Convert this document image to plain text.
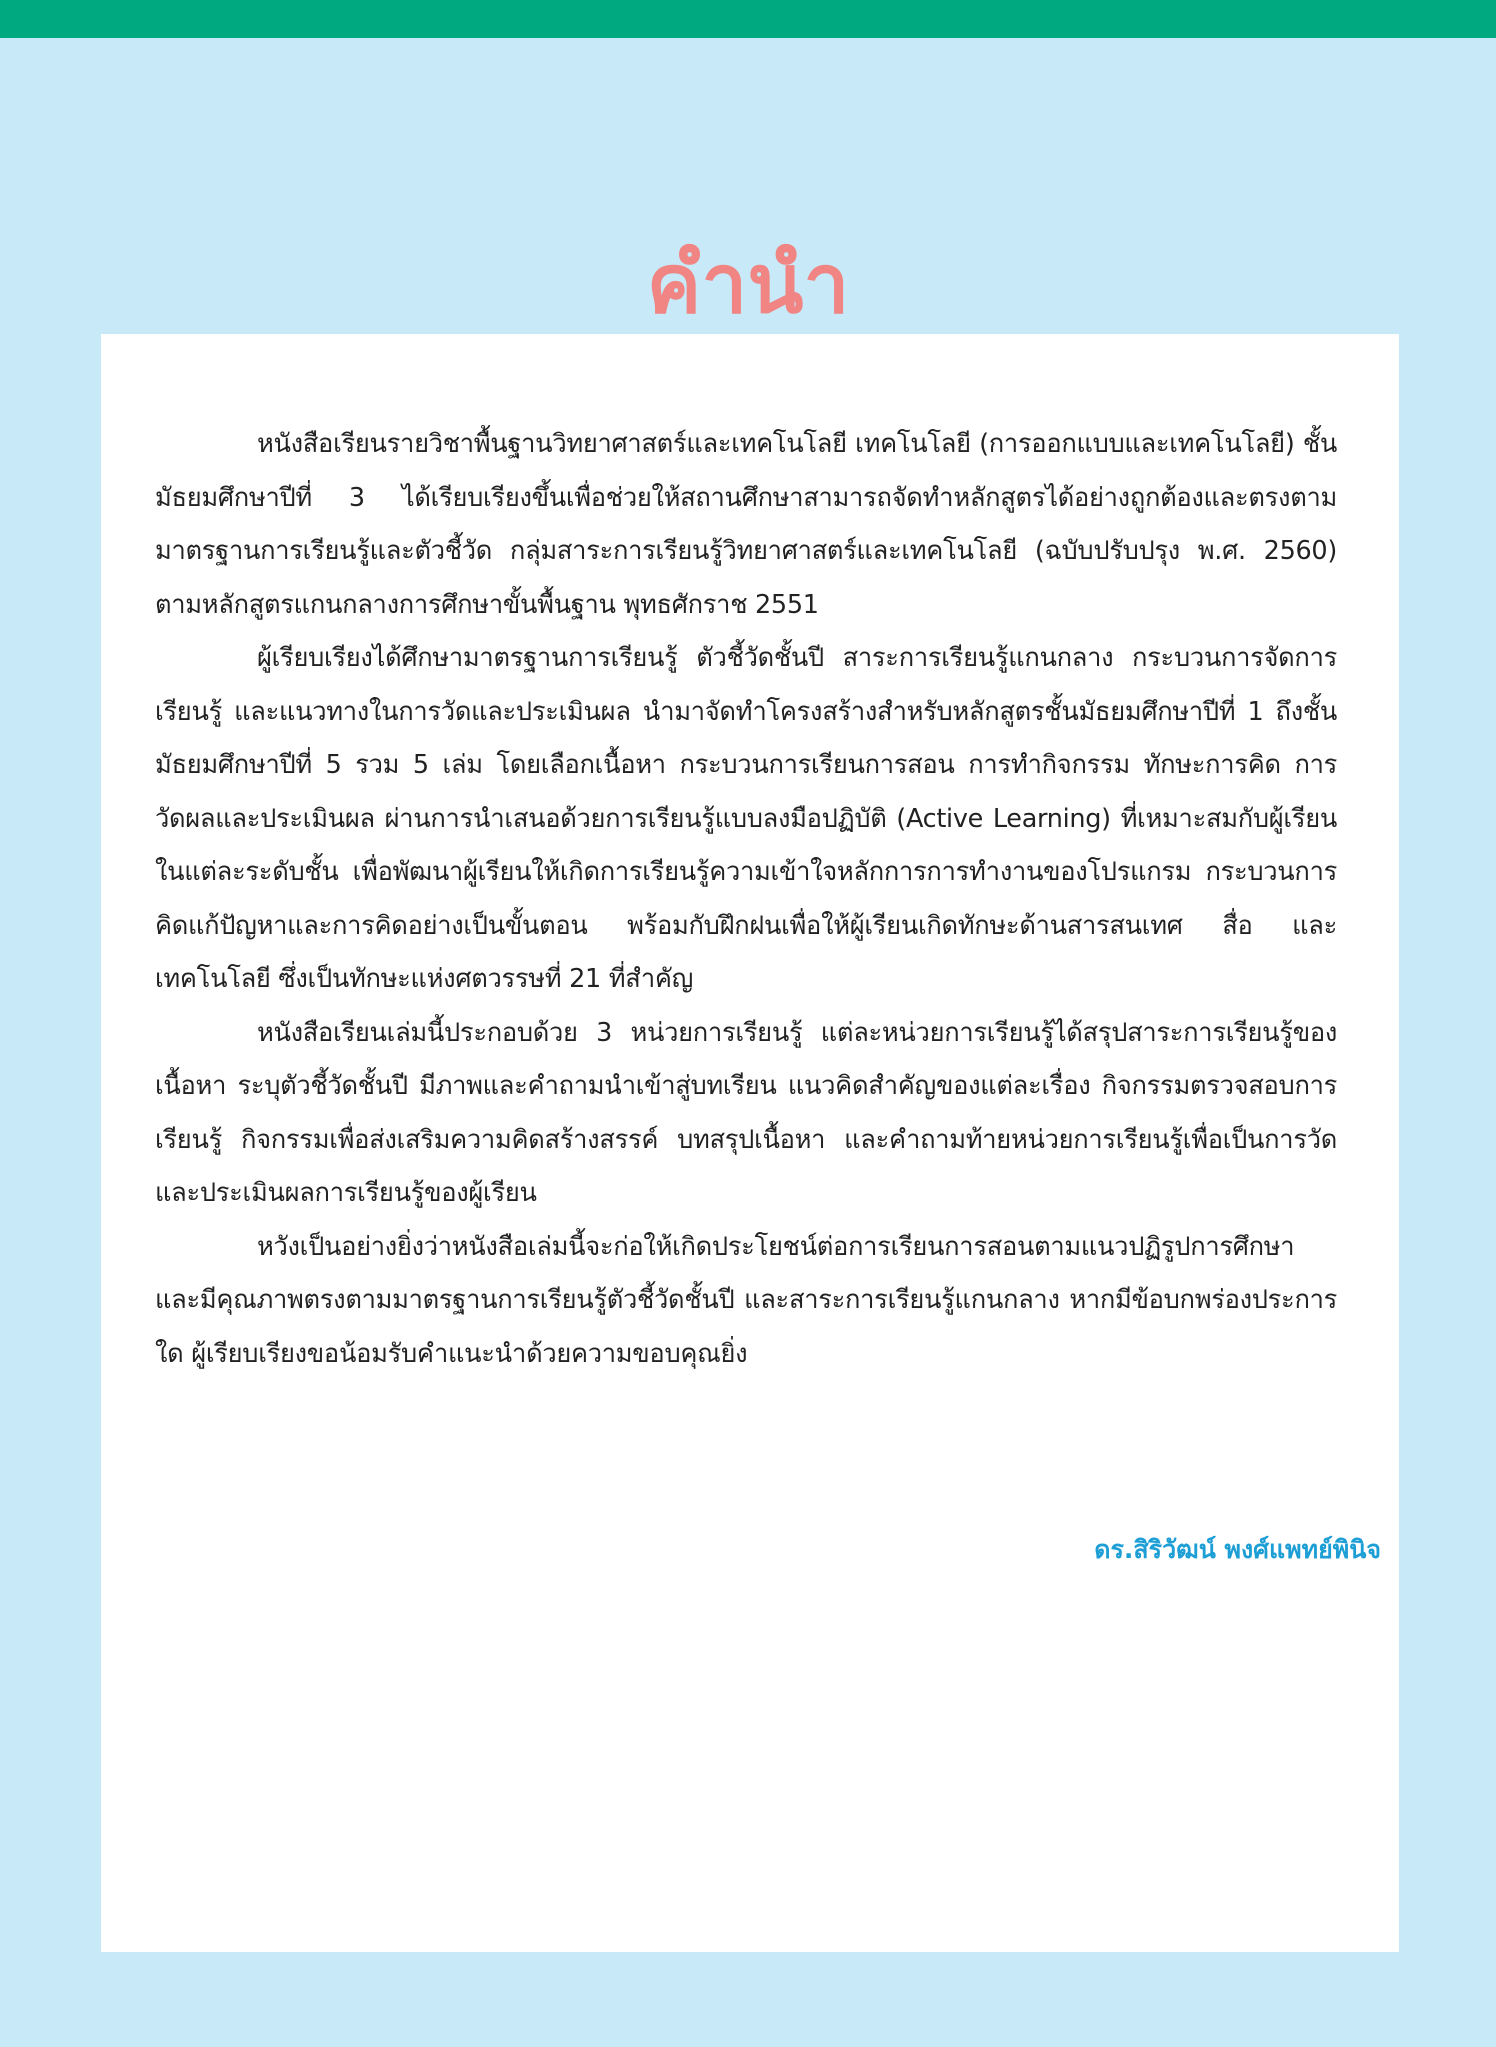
คำนำ

หนังสือเรียนรายวิชาพื้นฐานวิทยาศาสตร์และเทคโนโลยี เทคโนโลยี (การออกแบบและเทคโนโลยี) ชั้นมัธยมศึกษาปีที่ 3 ได้เรียบเรียงขึ้นเพื่อช่วยให้สถานศึกษาสามารถจัดทำหลักสูตรได้อย่างถูกต้องและตรงตามมาตรฐานการเรียนรู้และตัวชี้วัด กลุ่มสาระการเรียนรู้วิทยาศาสตร์และเทคโนโลยี (ฉบับปรับปรุง พ.ศ. 2560) ตามหลักสูตรแกนกลางการศึกษาขั้นพื้นฐาน พุทธศักราช 2551

ผู้เรียบเรียงได้ศึกษามาตรฐานการเรียนรู้ ตัวชี้วัดชั้นปี สาระการเรียนรู้แกนกลาง กระบวนการจัดการเรียนรู้ และแนวทางในการวัดและประเมินผล นำมาจัดทำโครงสร้างสำหรับหลักสูตรชั้นมัธยมศึกษาปีที่ 1 ถึงชั้นมัธยมศึกษาปีที่ 5 รวม 5 เล่ม โดยเลือกเนื้อหา กระบวนการเรียนการสอน การทำกิจกรรม ทักษะการคิด การวัดผลและประเมินผล ผ่านการนำเสนอด้วยการเรียนรู้แบบลงมือปฏิบัติ (Active Learning) ที่เหมาะสมกับผู้เรียนในแต่ละระดับชั้น เพื่อพัฒนาผู้เรียนให้เกิดการเรียนรู้ความเข้าใจหลักการการทำงานของโปรแกรม กระบวนการคิดแก้ปัญหาและการคิดอย่างเป็นขั้นตอน พร้อมกับฝึกฝนเพื่อให้ผู้เรียนเกิดทักษะด้านสารสนเทศ สื่อ และเทคโนโลยี ซึ่งเป็นทักษะแห่งศตวรรษที่ 21 ที่สำคัญ

หนังสือเรียนเล่มนี้ประกอบด้วย 3 หน่วยการเรียนรู้ แต่ละหน่วยการเรียนรู้ได้สรุปสาระการเรียนรู้ของเนื้อหา ระบุตัวชี้วัดชั้นปี มีภาพและคำถามนำเข้าสู่บทเรียน แนวคิดสำคัญของแต่ละเรื่อง กิจกรรมตรวจสอบการเรียนรู้ กิจกรรมเพื่อส่งเสริมความคิดสร้างสรรค์ บทสรุปเนื้อหา และคำถามท้ายหน่วยการเรียนรู้เพื่อเป็นการวัดและประเมินผลการเรียนรู้ของผู้เรียน

หวังเป็นอย่างยิ่งว่าหนังสือเล่มนี้จะก่อให้เกิดประโยชน์ต่อการเรียนการสอนตามแนวปฏิรูปการศึกษา และมีคุณภาพตรงตามมาตรฐานการเรียนรู้ตัวชี้วัดชั้นปี และสาระการเรียนรู้แกนกลาง หากมีข้อบกพร่องประการใด ผู้เรียบเรียงขอน้อมรับคำแนะนำด้วยความขอบคุณยิ่ง

ดร.สิริวัฒน์ พงศ์แพทย์พินิจ
